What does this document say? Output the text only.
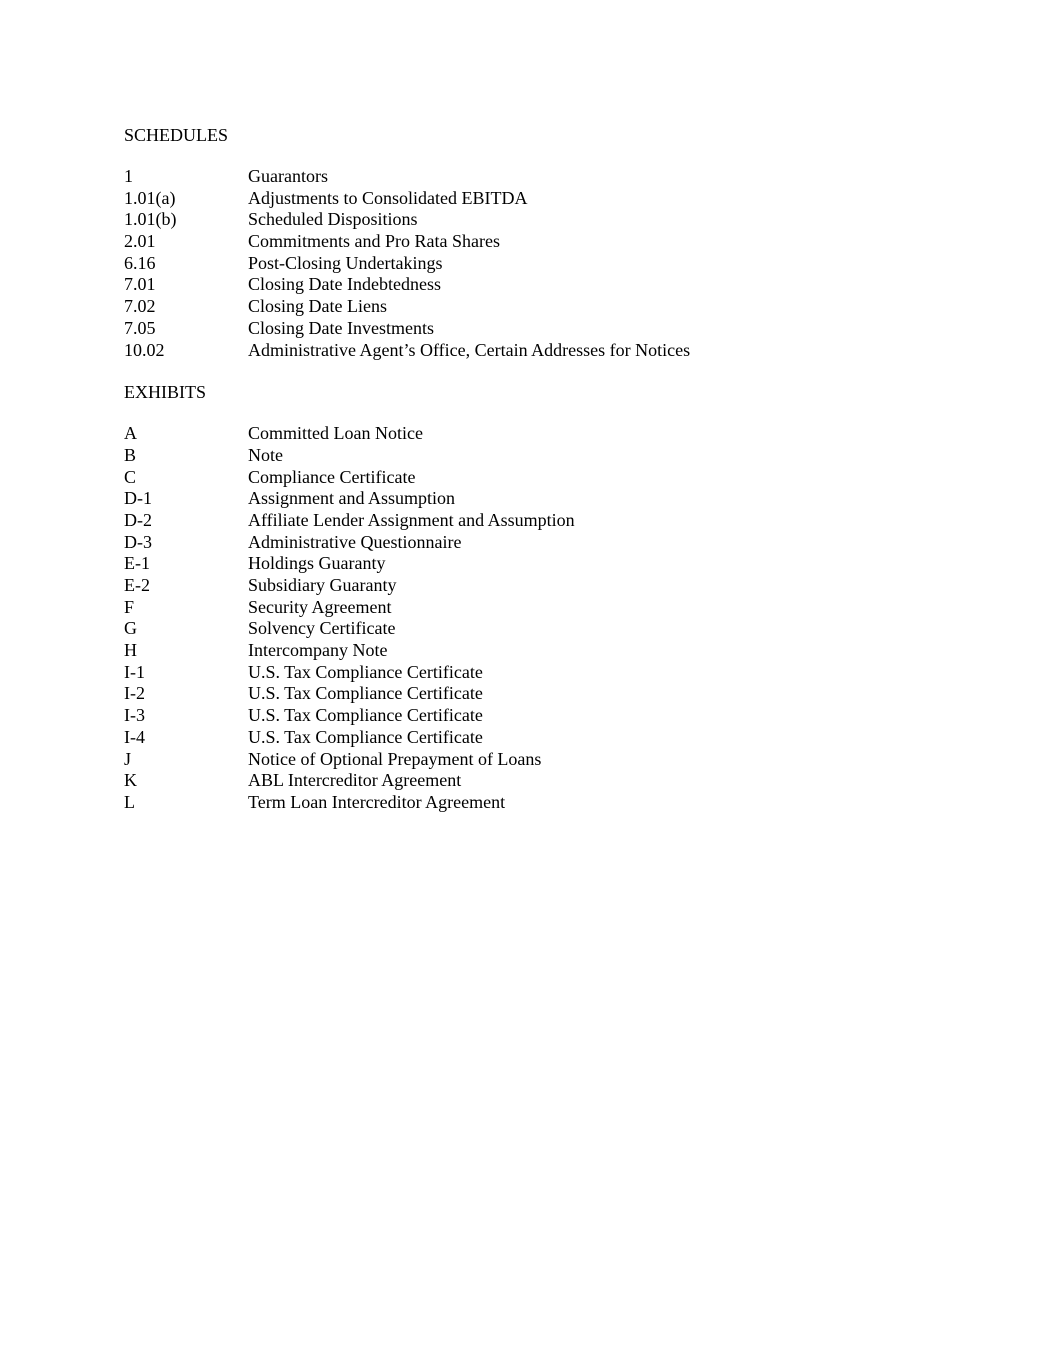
SCHEDULES
1	Guarantors
1.01(a)	Adjustments to Consolidated EBITDA
1.01(b)	Scheduled Dispositions
2.01	Commitments and Pro Rata Shares
6.16	Post-Closing Undertakings
7.01	Closing Date Indebtedness
7.02	Closing Date Liens
7.05	Closing Date Investments
10.02	Administrative Agent’s Office, Certain Addresses for Notices
EXHIBITS
A	Committed Loan Notice
B	Note
C	Compliance Certificate
D-1	Assignment and Assumption
D-2	Affiliate Lender Assignment and Assumption
D-3	Administrative Questionnaire
E-1	Holdings Guaranty
E-2	Subsidiary Guaranty
F	Security Agreement
G	Solvency Certificate
H	Intercompany Note
I-1	U.S. Tax Compliance Certificate
I-2	U.S. Tax Compliance Certificate
I-3	U.S. Tax Compliance Certificate
I-4	U.S. Tax Compliance Certificate
J	Notice of Optional Prepayment of Loans
K	ABL Intercreditor Agreement
L	Term Loan Intercreditor Agreement
